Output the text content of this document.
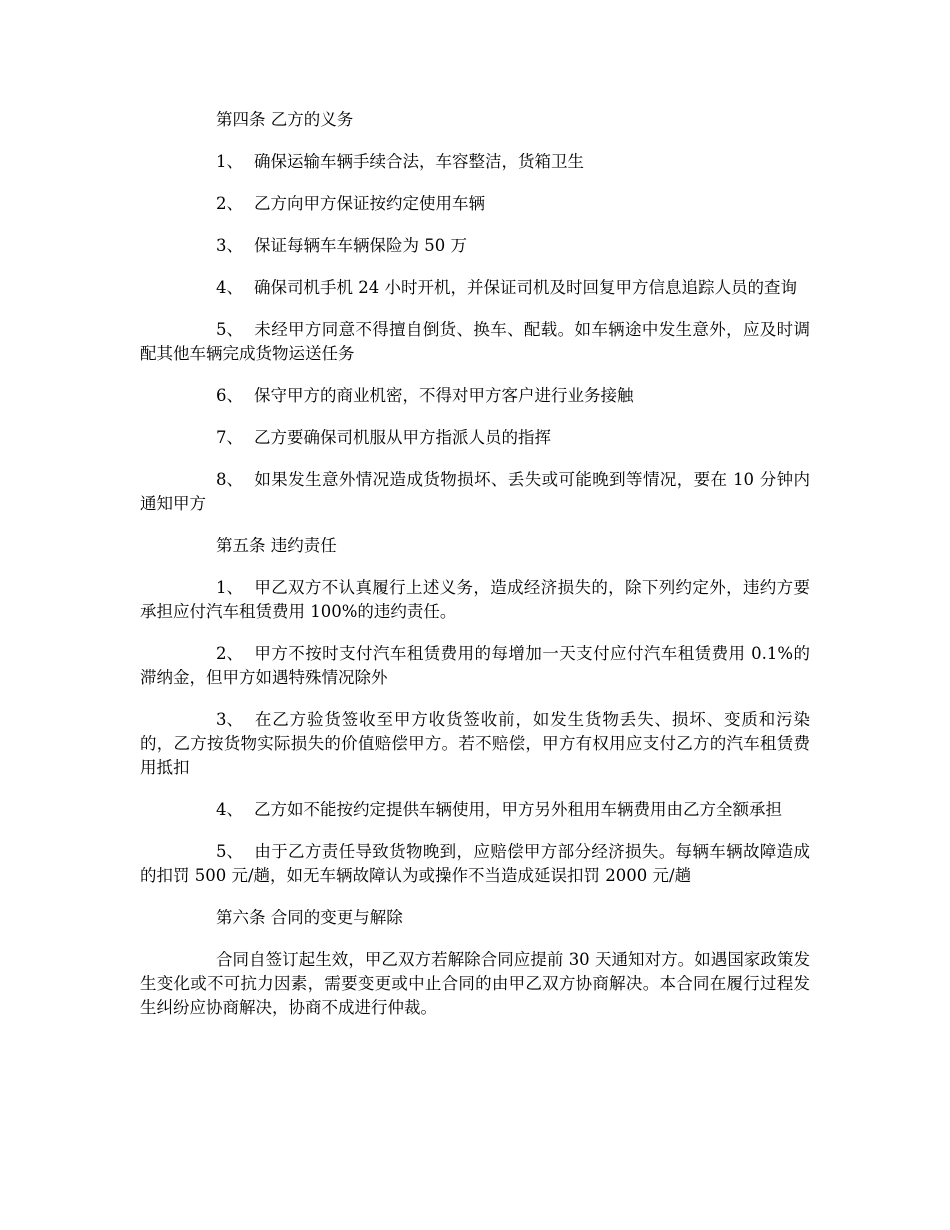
第四条 乙方的义务

1、 确保运输车辆手续合法，车容整洁，货箱卫生

2、 乙方向甲方保证按约定使用车辆

3、 保证每辆车车辆保险为 50 万

4、 确保司机手机 24 小时开机，并保证司机及时回复甲方信息追踪人员的查询

5、 未经甲方同意不得擅自倒货、换车、配载。如车辆途中发生意外，应及时调配其他车辆完成货物运送任务

6、 保守甲方的商业机密，不得对甲方客户进行业务接触

7、 乙方要确保司机服从甲方指派人员的指挥

8、 如果发生意外情况造成货物损坏、丢失或可能晚到等情况，要在 10 分钟内通知甲方

第五条 违约责任

1、 甲乙双方不认真履行上述义务，造成经济损失的，除下列约定外，违约方要承担应付汽车租赁费用 100%的违约责任。

2、 甲方不按时支付汽车租赁费用的每增加一天支付应付汽车租赁费用 0.1%的滞纳金，但甲方如遇特殊情况除外

3、 在乙方验货签收至甲方收货签收前，如发生货物丢失、损坏、变质和污染的，乙方按货物实际损失的价值赔偿甲方。若不赔偿，甲方有权用应支付乙方的汽车租赁费用抵扣

4、 乙方如不能按约定提供车辆使用，甲方另外租用车辆费用由乙方全额承担

5、 由于乙方责任导致货物晚到，应赔偿甲方部分经济损失。每辆车辆故障造成的扣罚 500 元/趟，如无车辆故障认为或操作不当造成延误扣罚 2000 元/趟

第六条 合同的变更与解除

合同自签订起生效，甲乙双方若解除合同应提前 30 天通知对方。如遇国家政策发生变化或不可抗力因素，需要变更或中止合同的由甲乙双方协商解决。本合同在履行过程发生纠纷应协商解决，协商不成进行仲裁。
